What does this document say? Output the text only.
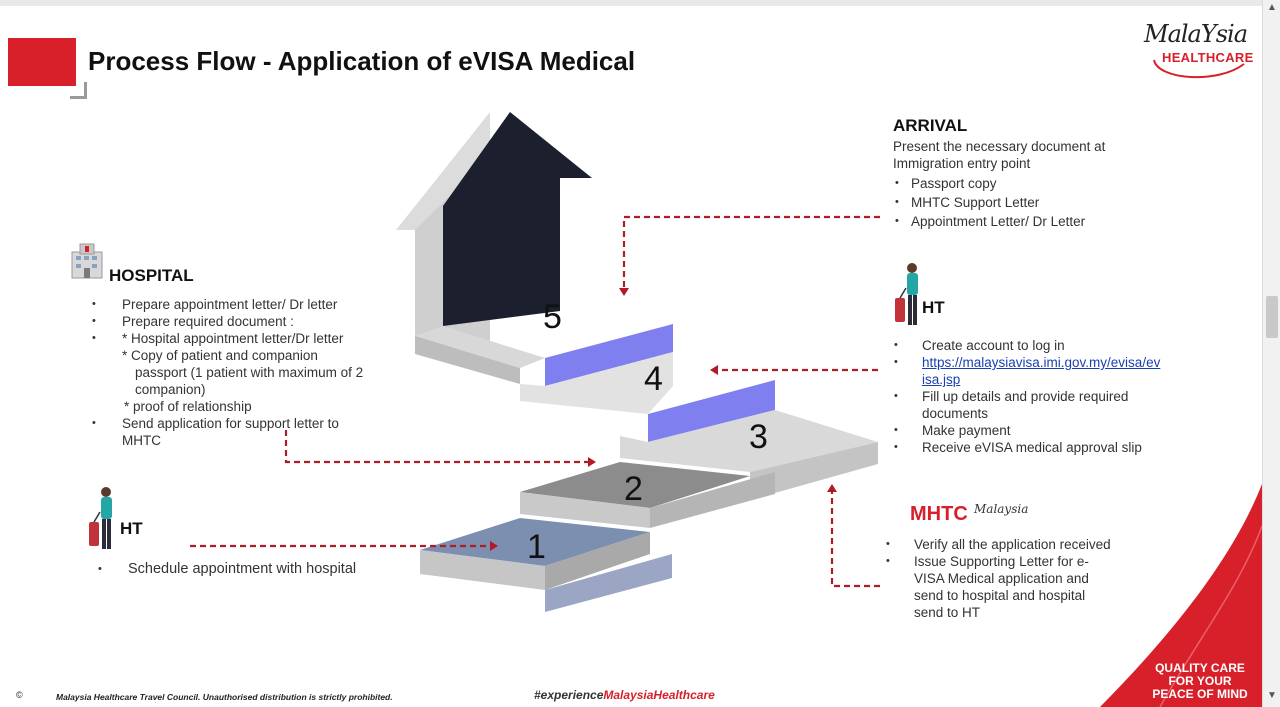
Process Flow - Application of eVISA Medical
MalaYsia
HEALTHCARE
1
2
3
4
5
ARRIVAL
Present the necessary document at
Immigration entry point
• Passport copy
• MHTC Support Letter
• Appointment Letter/ Dr Letter
HOSPITAL
• Prepare appointment letter/ Dr letter
• Prepare required document :
• * Hospital appointment letter/Dr letter
* Copy of patient and companion
passport (1 patient with maximum of 2
companion)
* proof of relationship
• Send application for support letter to
MHTC
HT
• Create account to log in
• https://malaysiavisa.imi.gov.my/evisa/ev
isa.jsp
• Fill up details and provide required
documents
• Make payment
• Receive eVISA medical approval slip
HT
• Schedule appointment with hospital
MHTC Malaysia
• Verify all the application received
• Issue Supporting Letter for e-
VISA Medical application and
send to hospital and hospital
send to HT
©	Malaysia Healthcare Travel Council. Unauthorised distribution is strictly prohibited.	#experienceMalaysiaHealthcare
QUALITY CARE
FOR YOUR
PEACE OF MIND
▲
▼
